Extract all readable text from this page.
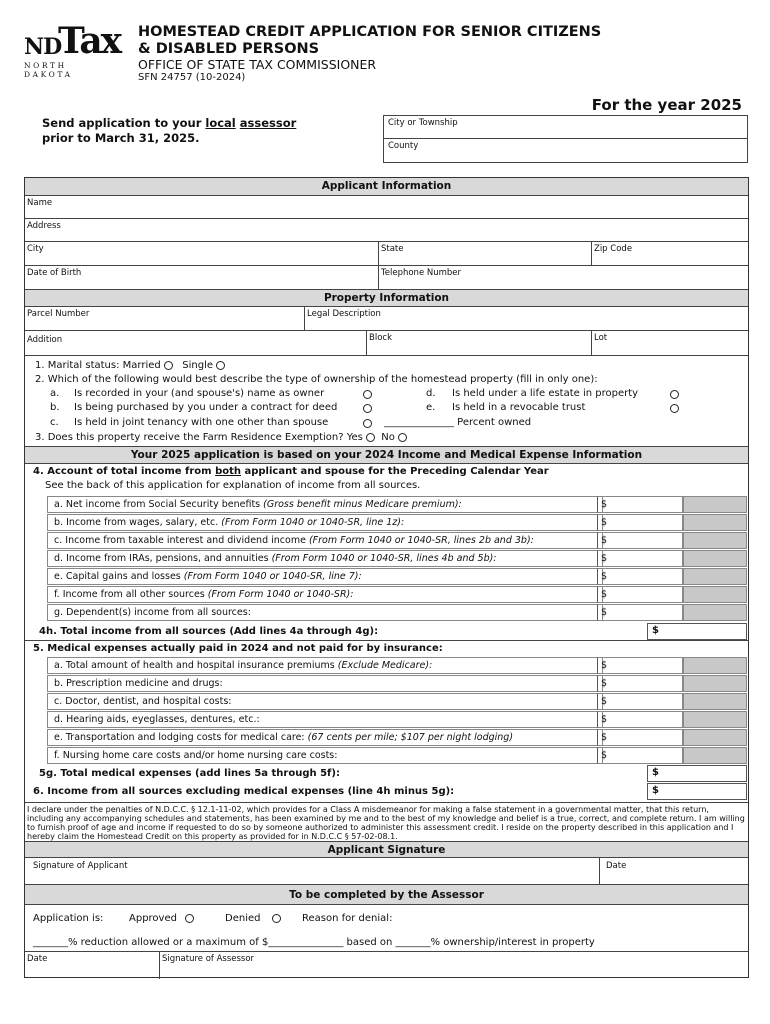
ND
Tax
NORTH DAKOTA
HOMESTEAD CREDIT APPLICATION FOR SENIOR CITIZENS
& DISABLED PERSONS
OFFICE OF STATE TAX COMMISSIONER
SFN 24757 (10-2024)
For the year 2025
Send application to your local assessor
prior to March 31, 2025.
City or Township
County
Applicant Information
Name
Address
City	State	Zip Code
Date of Birth	Telephone Number
Property Information
Parcel Number	Legal Description
Addition	Block	Lot
1. Marital status: Married Single
2. Which of the following would best describe the type of ownership of the homestead property (fill in only one):
a. Is recorded in your (and spouse's) name as owner
b. Is being purchased by you under a contract for deed
c. Is held in joint tenancy with one other than spouse
d. Is held under a life estate in property
e. Is held in a revocable trust
______________ Percent owned
3. Does this property receive the Farm Residence Exemption? Yes No
Your 2025 application is based on your 2024 Income and Medical Expense Information
4. Account of total income from both applicant and spouse for the Preceding Calendar Year
See the back of this application for explanation of income from all sources.
a. Net income from Social Security benefits (Gross benefit minus Medicare premium):	$
b. Income from wages, salary, etc. (From Form 1040 or 1040-SR, line 1z):	$
c. Income from taxable interest and dividend income (From Form 1040 or 1040-SR, lines 2b and 3b):	$
d. Income from IRAs, pensions, and annuities (From Form 1040 or 1040-SR, lines 4b and 5b):	$
e. Capital gains and losses (From Form 1040 or 1040-SR, line 7):	$
f. Income from all other sources (From Form 1040 or 1040-SR):	$
g. Dependent(s) income from all sources:	$
4h. Total income from all sources (Add lines 4a through 4g):	$
5. Medical expenses actually paid in 2024 and not paid for by insurance:
a. Total amount of health and hospital insurance premiums (Exclude Medicare):	$
b. Prescription medicine and drugs:	$
c. Doctor, dentist, and hospital costs:	$
d. Hearing aids, eyeglasses, dentures, etc.:	$
e. Transportation and lodging costs for medical care: (67 cents per mile; $107 per night lodging)	$
f. Nursing home care costs and/or home nursing care costs:	$
5g. Total medical expenses (add lines 5a through 5f):	$
6. Income from all sources excluding medical expenses (line 4h minus 5g):	$
I declare under the penalties of N.D.C.C. § 12.1-11-02, which provides for a Class A misdemeanor for making a false statement in a governmental matter, that this return, including any accompanying schedules and statements, has been examined by me and to the best of my knowledge and belief is a true, correct, and complete return. I am willing to furnish proof of age and income if requested to do so by someone authorized to administer this assessment credit. I reside on the property described in this application and I hereby claim the Homestead Credit on this property as provided for in N.D.C.C § 57-02-08.1.
Applicant Signature
Signature of Applicant	Date
To be completed by the Assessor
Application is:	Approved	Denied	Reason for denial:
_______% reduction allowed or a maximum of $_______________ based on _______% ownership/interest in property
Date	Signature of Assessor
